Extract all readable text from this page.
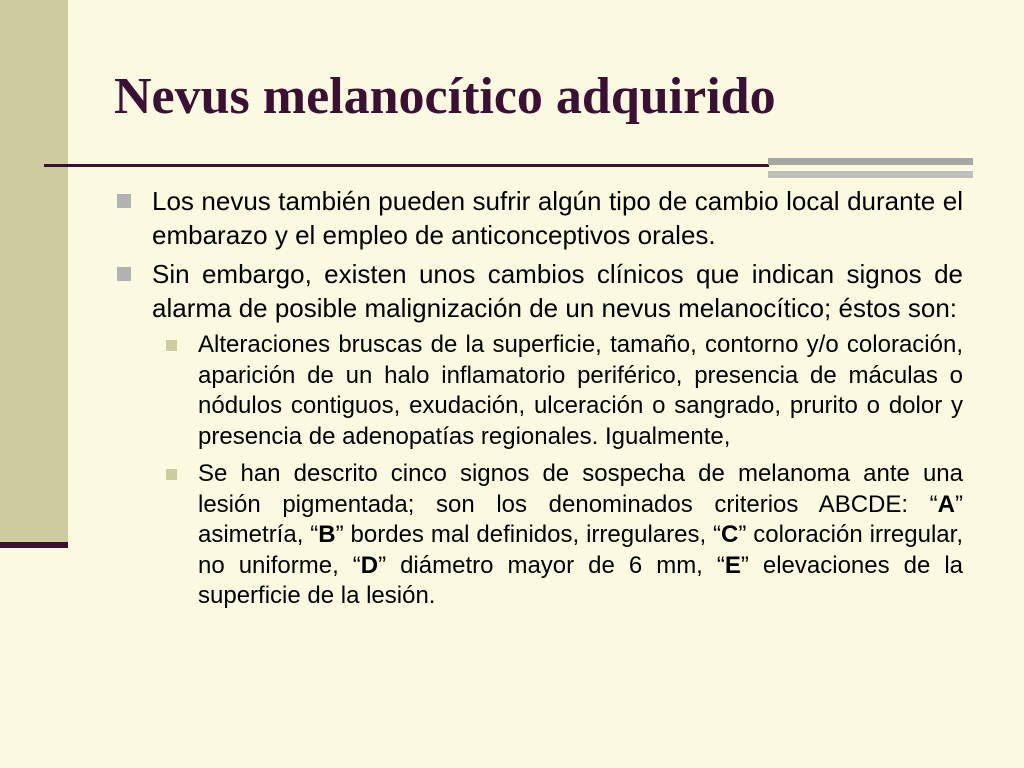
Nevus melanocítico adquirido
Los nevus también pueden sufrir algún tipo de cambio local durante el embarazo y el empleo de anticonceptivos orales.
Sin embargo, existen unos cambios clínicos que indican signos de alarma de posible malignización de un nevus melanocítico; éstos son:
Alteraciones bruscas de la superficie, tamaño, contorno y/o coloración, aparición de un halo inflamatorio periférico, presencia de máculas o nódulos contiguos, exudación, ulceración o sangrado, prurito o dolor y presencia de adenopatías regionales. Igualmente,
Se han descrito cinco signos de sospecha de melanoma ante una lesión pigmentada; son los denominados criterios ABCDE: “A” asimetría, “B” bordes mal definidos, irregulares, “C” coloración irregular, no uniforme, “D” diámetro mayor de 6 mm, “E” elevaciones de la superficie de la lesión.
